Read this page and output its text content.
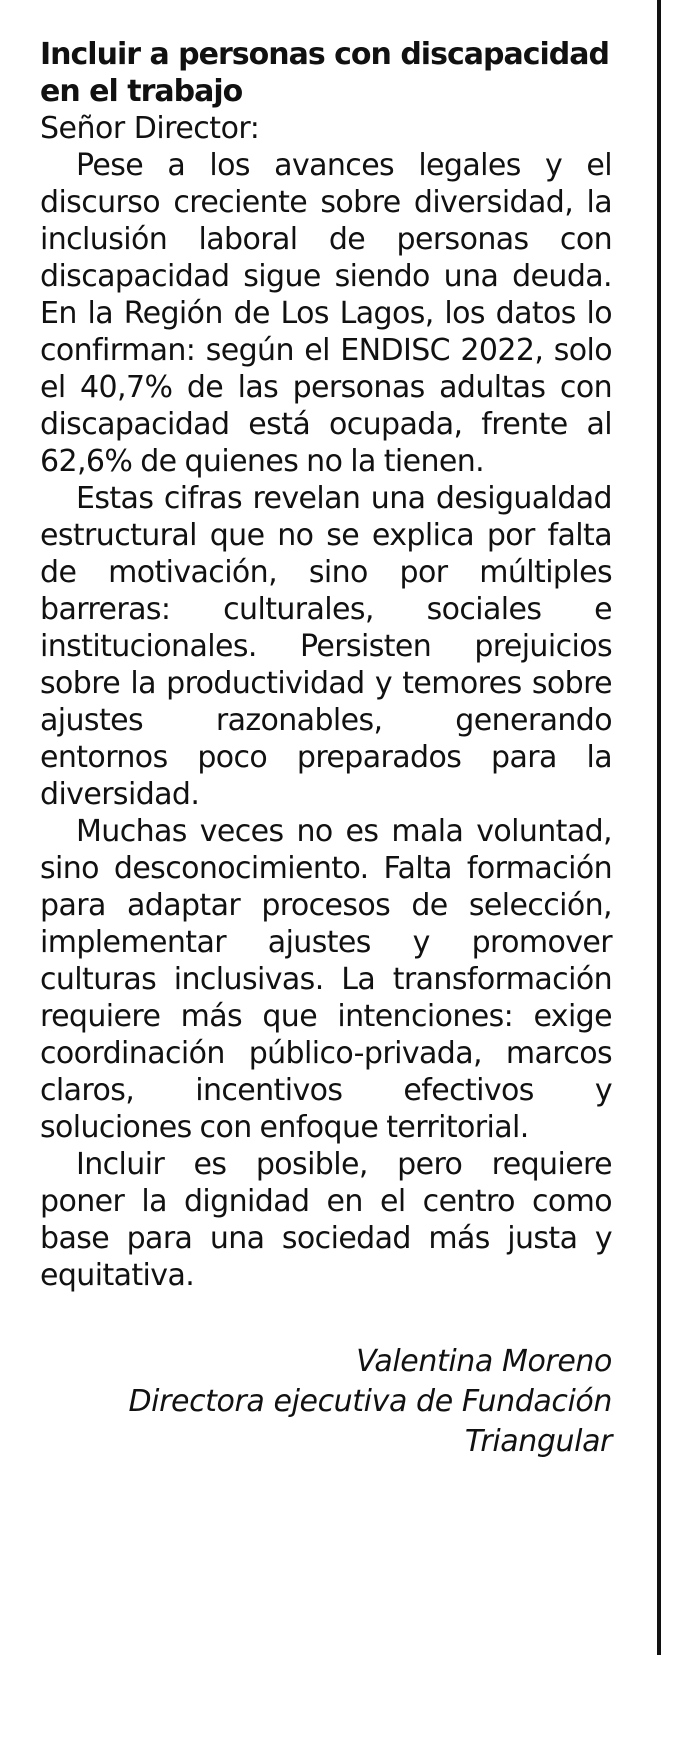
Incluir a personas con discapacidad en el trabajo

Señor Director:

Pese a los avances legales y el discurso creciente sobre diversidad, la inclusión laboral de personas con discapacidad sigue siendo una deuda. En la Región de Los Lagos, los datos lo confirman: según el ENDISC 2022, solo el 40,7% de las personas adultas con discapacidad está ocupada, frente al 62,6% de quienes no la tienen.

Estas cifras revelan una desigualdad estructural que no se explica por falta de motivación, sino por múltiples barreras: culturales, sociales e institucionales. Persisten prejuicios sobre la productividad y temores sobre ajustes razonables, generando entornos poco preparados para la diversidad.

Muchas veces no es mala voluntad, sino desconocimiento. Falta formación para adaptar procesos de selección, implementar ajustes y promover culturas inclusivas. La transformación requiere más que intenciones: exige coordinación público-privada, marcos claros, incentivos efectivos y soluciones con enfoque territorial.

Incluir es posible, pero requiere poner la dignidad en el centro como base para una sociedad más justa y equitativa.

Valentina Moreno
Directora ejecutiva de Fundación
Triangular
